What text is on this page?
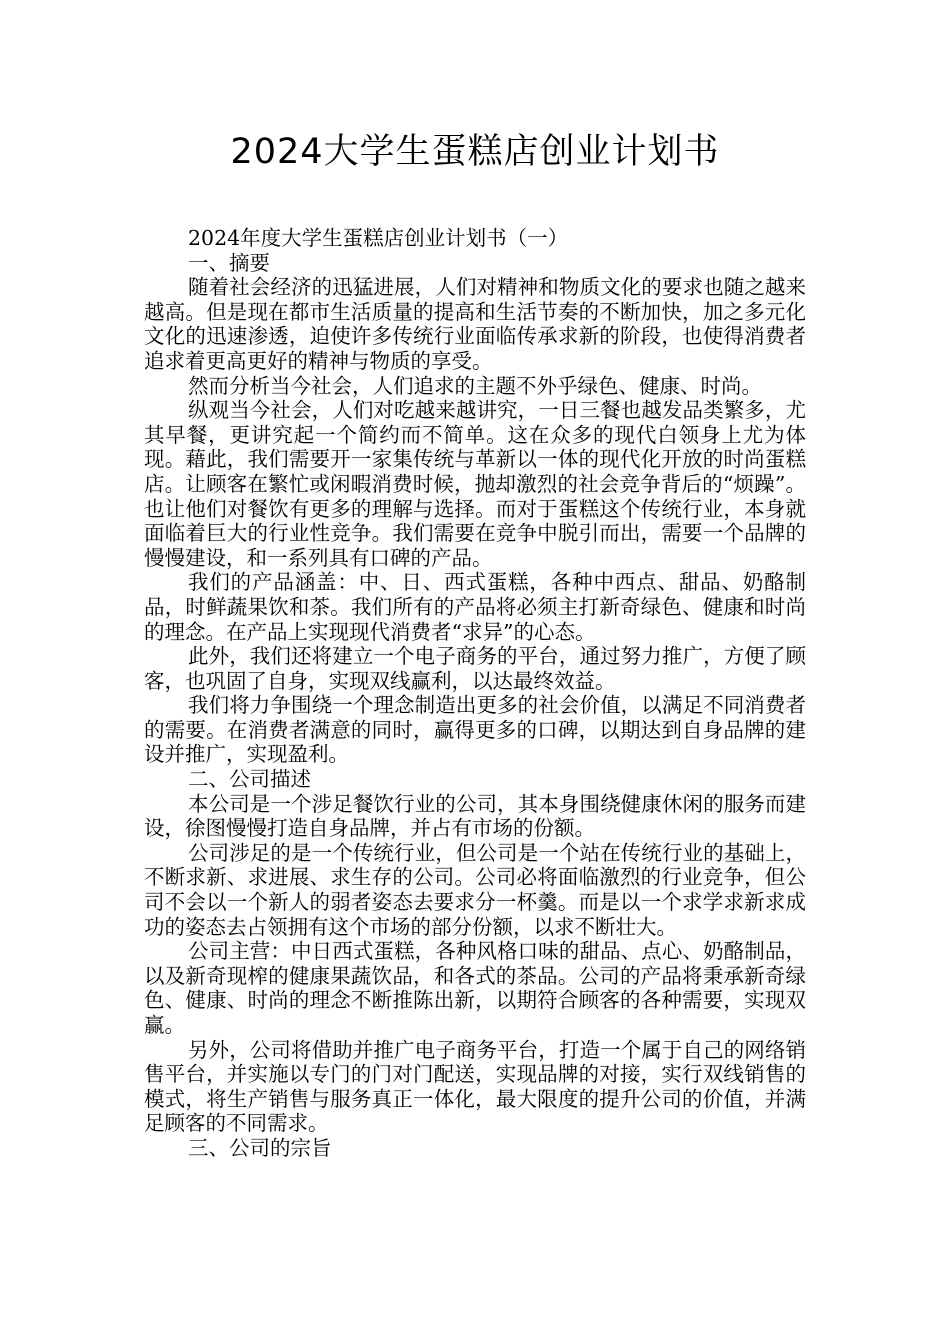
2024大学生蛋糕店创业计划书

2024年度大学生蛋糕店创业计划书（一）

一、摘要

随着社会经济的迅猛进展，人们对精神和物质文化的要求也随之越来越高。但是现在都市生活质量的提高和生活节奏的不断加快，加之多元化文化的迅速渗透，迫使许多传统行业面临传承求新的阶段，也使得消费者追求着更高更好的精神与物质的享受。

然而分析当今社会，人们追求的主题不外乎绿色、健康、时尚。

纵观当今社会，人们对吃越来越讲究，一日三餐也越发品类繁多，尤其早餐，更讲究起一个简约而不简单。这在众多的现代白领身上尤为体现。藉此，我们需要开一家集传统与革新以一体的现代化开放的时尚蛋糕店。让顾客在繁忙或闲暇消费时候，抛却激烈的社会竞争背后的“烦躁”。也让他们对餐饮有更多的理解与选择。而对于蛋糕这个传统行业，本身就面临着巨大的行业性竞争。我们需要在竞争中脱引而出，需要一个品牌的慢慢建设，和一系列具有口碑的产品。

我们的产品涵盖：中、日、西式蛋糕，各种中西点、甜品、奶酪制品，时鲜蔬果饮和茶。我们所有的产品将必须主打新奇绿色、健康和时尚的理念。在产品上实现现代消费者“求异”的心态。

此外，我们还将建立一个电子商务的平台，通过努力推广，方便了顾客，也巩固了自身，实现双线赢利，以达最终效益。

我们将力争围绕一个理念制造出更多的社会价值，以满足不同消费者的需要。在消费者满意的同时，赢得更多的口碑，以期达到自身品牌的建设并推广，实现盈利。

二、公司描述

本公司是一个涉足餐饮行业的公司，其本身围绕健康休闲的服务而建设，徐图慢慢打造自身品牌，并占有市场的份额。

公司涉足的是一个传统行业，但公司是一个站在传统行业的基础上，不断求新、求进展、求生存的公司。公司必将面临激烈的行业竞争，但公司不会以一个新人的弱者姿态去要求分一杯羹。而是以一个求学求新求成功的姿态去占领拥有这个市场的部分份额，以求不断壮大。

公司主营：中日西式蛋糕，各种风格口味的甜品、点心、奶酪制品，以及新奇现榨的健康果蔬饮品，和各式的茶品。公司的产品将秉承新奇绿色、健康、时尚的理念不断推陈出新，以期符合顾客的各种需要，实现双赢。

另外，公司将借助并推广电子商务平台，打造一个属于自己的网络销售平台，并实施以专门的门对门配送，实现品牌的对接，实行双线销售的模式，将生产销售与服务真正一体化，最大限度的提升公司的价值，并满足顾客的不同需求。

三、公司的宗旨
